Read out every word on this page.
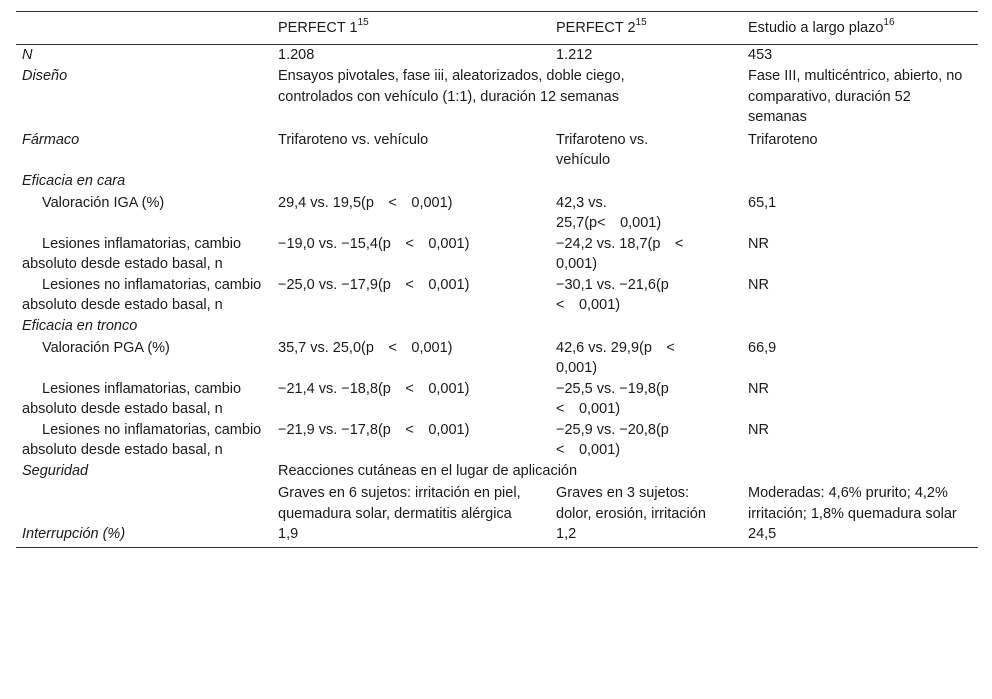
	PERFECT $1^{15}$	PERFECT $2^{15}$	Estudio a largo plazo$^{16}$
N	1.208	1.212	453
Diseño	Ensayos pivotales, fase iii, aleatorizados, doble ciego, controlados con vehículo (1:1), duración 12 semanas		Fase III, multicéntrico, abierto, no comparativo, duración 52 semanas
Fármaco	Trifaroteno vs. vehículo	Trifaroteno vs. vehículo	Trifaroteno
Eficacia en cara			
Valoración IGA (%)	29,4 vs. 19,5(p < 0,001)	42,3 vs. 25,7(p< 0,001)	65,1
Lesiones inflamatorias, cambio absoluto desde estado basal, n	−19,0 vs. −15,4(p < 0,001)	−24,2 vs. 18,7(p < 0,001)	NR
Lesiones no inflamatorias, cambio absoluto desde estado basal, n	−25,0 vs. −17,9(p < 0,001)	−30,1 vs. −21,6(p < 0,001)	NR
Eficacia en tronco			
Valoración PGA (%)	35,7 vs. 25,0(p < 0,001)	42,6 vs. 29,9(p < 0,001)	66,9
Lesiones inflamatorias, cambio absoluto desde estado basal, n	−21,4 vs. −18,8(p < 0,001)	−25,5 vs. −19,8(p < 0,001)	NR
Lesiones no inflamatorias, cambio absoluto desde estado basal, n	−21,9 vs. −17,8(p < 0,001)	−25,9 vs. −20,8(p < 0,001)	NR
Seguridad	Reacciones cutáneas en el lugar de aplicación		
	Graves en 6 sujetos: irritación en piel, quemadura solar, dermatitis alérgica	Graves en 3 sujetos: dolor, erosión, irritación	Moderadas: 4,6% prurito; 4,2% irritación; 1,8% quemadura solar
Interrupción (%)	1,9	1,2	24,5
